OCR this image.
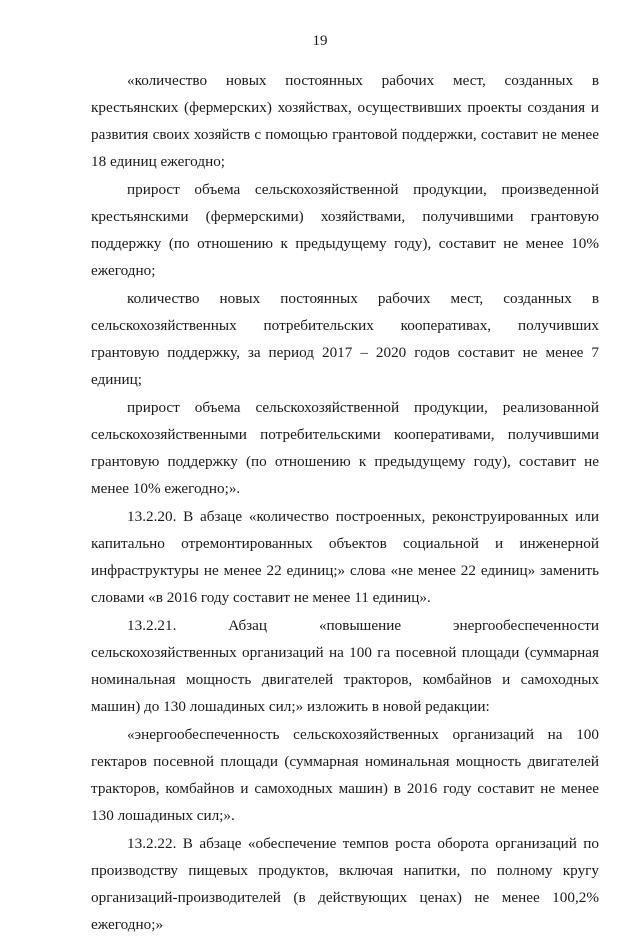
19

«количество новых постоянных рабочих мест, созданных в крестьянских (фермерских) хозяйствах, осуществивших проекты создания и развития своих хозяйств с помощью грантовой поддержки, составит не менее 18 единиц ежегодно;

прирост объема сельскохозяйственной продукции, произведенной крестьянскими (фермерскими) хозяйствами, получившими грантовую поддержку (по отношению к предыдущему году), составит не менее 10% ежегодно;

количество новых постоянных рабочих мест, созданных в сельскохозяйственных потребительских кооперативах, получивших грантовую поддержку, за период 2017 – 2020 годов составит не менее 7 единиц;

прирост объема сельскохозяйственной продукции, реализованной сельскохозяйственными потребительскими кооперативами, получившими грантовую поддержку (по отношению к предыдущему году), составит не менее 10% ежегодно;».

13.2.20. В абзаце «количество построенных, реконструированных или капитально отремонтированных объектов социальной и инженерной инфраструктуры не менее 22 единиц;» слова «не менее 22 единиц» заменить словами «в 2016 году составит не менее 11 единиц».

13.2.21. Абзац «повышение энергообеспеченности сельскохозяйственных организаций на 100 га посевной площади (суммарная номинальная мощность двигателей тракторов, комбайнов и самоходных машин) до 130 лошадиных сил;» изложить в новой редакции:

«энергообеспеченность сельскохозяйственных организаций на 100 гектаров посевной площади (суммарная номинальная мощность двигателей тракторов, комбайнов и самоходных машин) в 2016 году составит не менее 130 лошадиных сил;».

13.2.22. В абзаце «обеспечение темпов роста оборота организаций по производству пищевых продуктов, включая напитки, по полному кругу организаций-производителей (в действующих ценах) не менее 100,2% ежегодно;»
